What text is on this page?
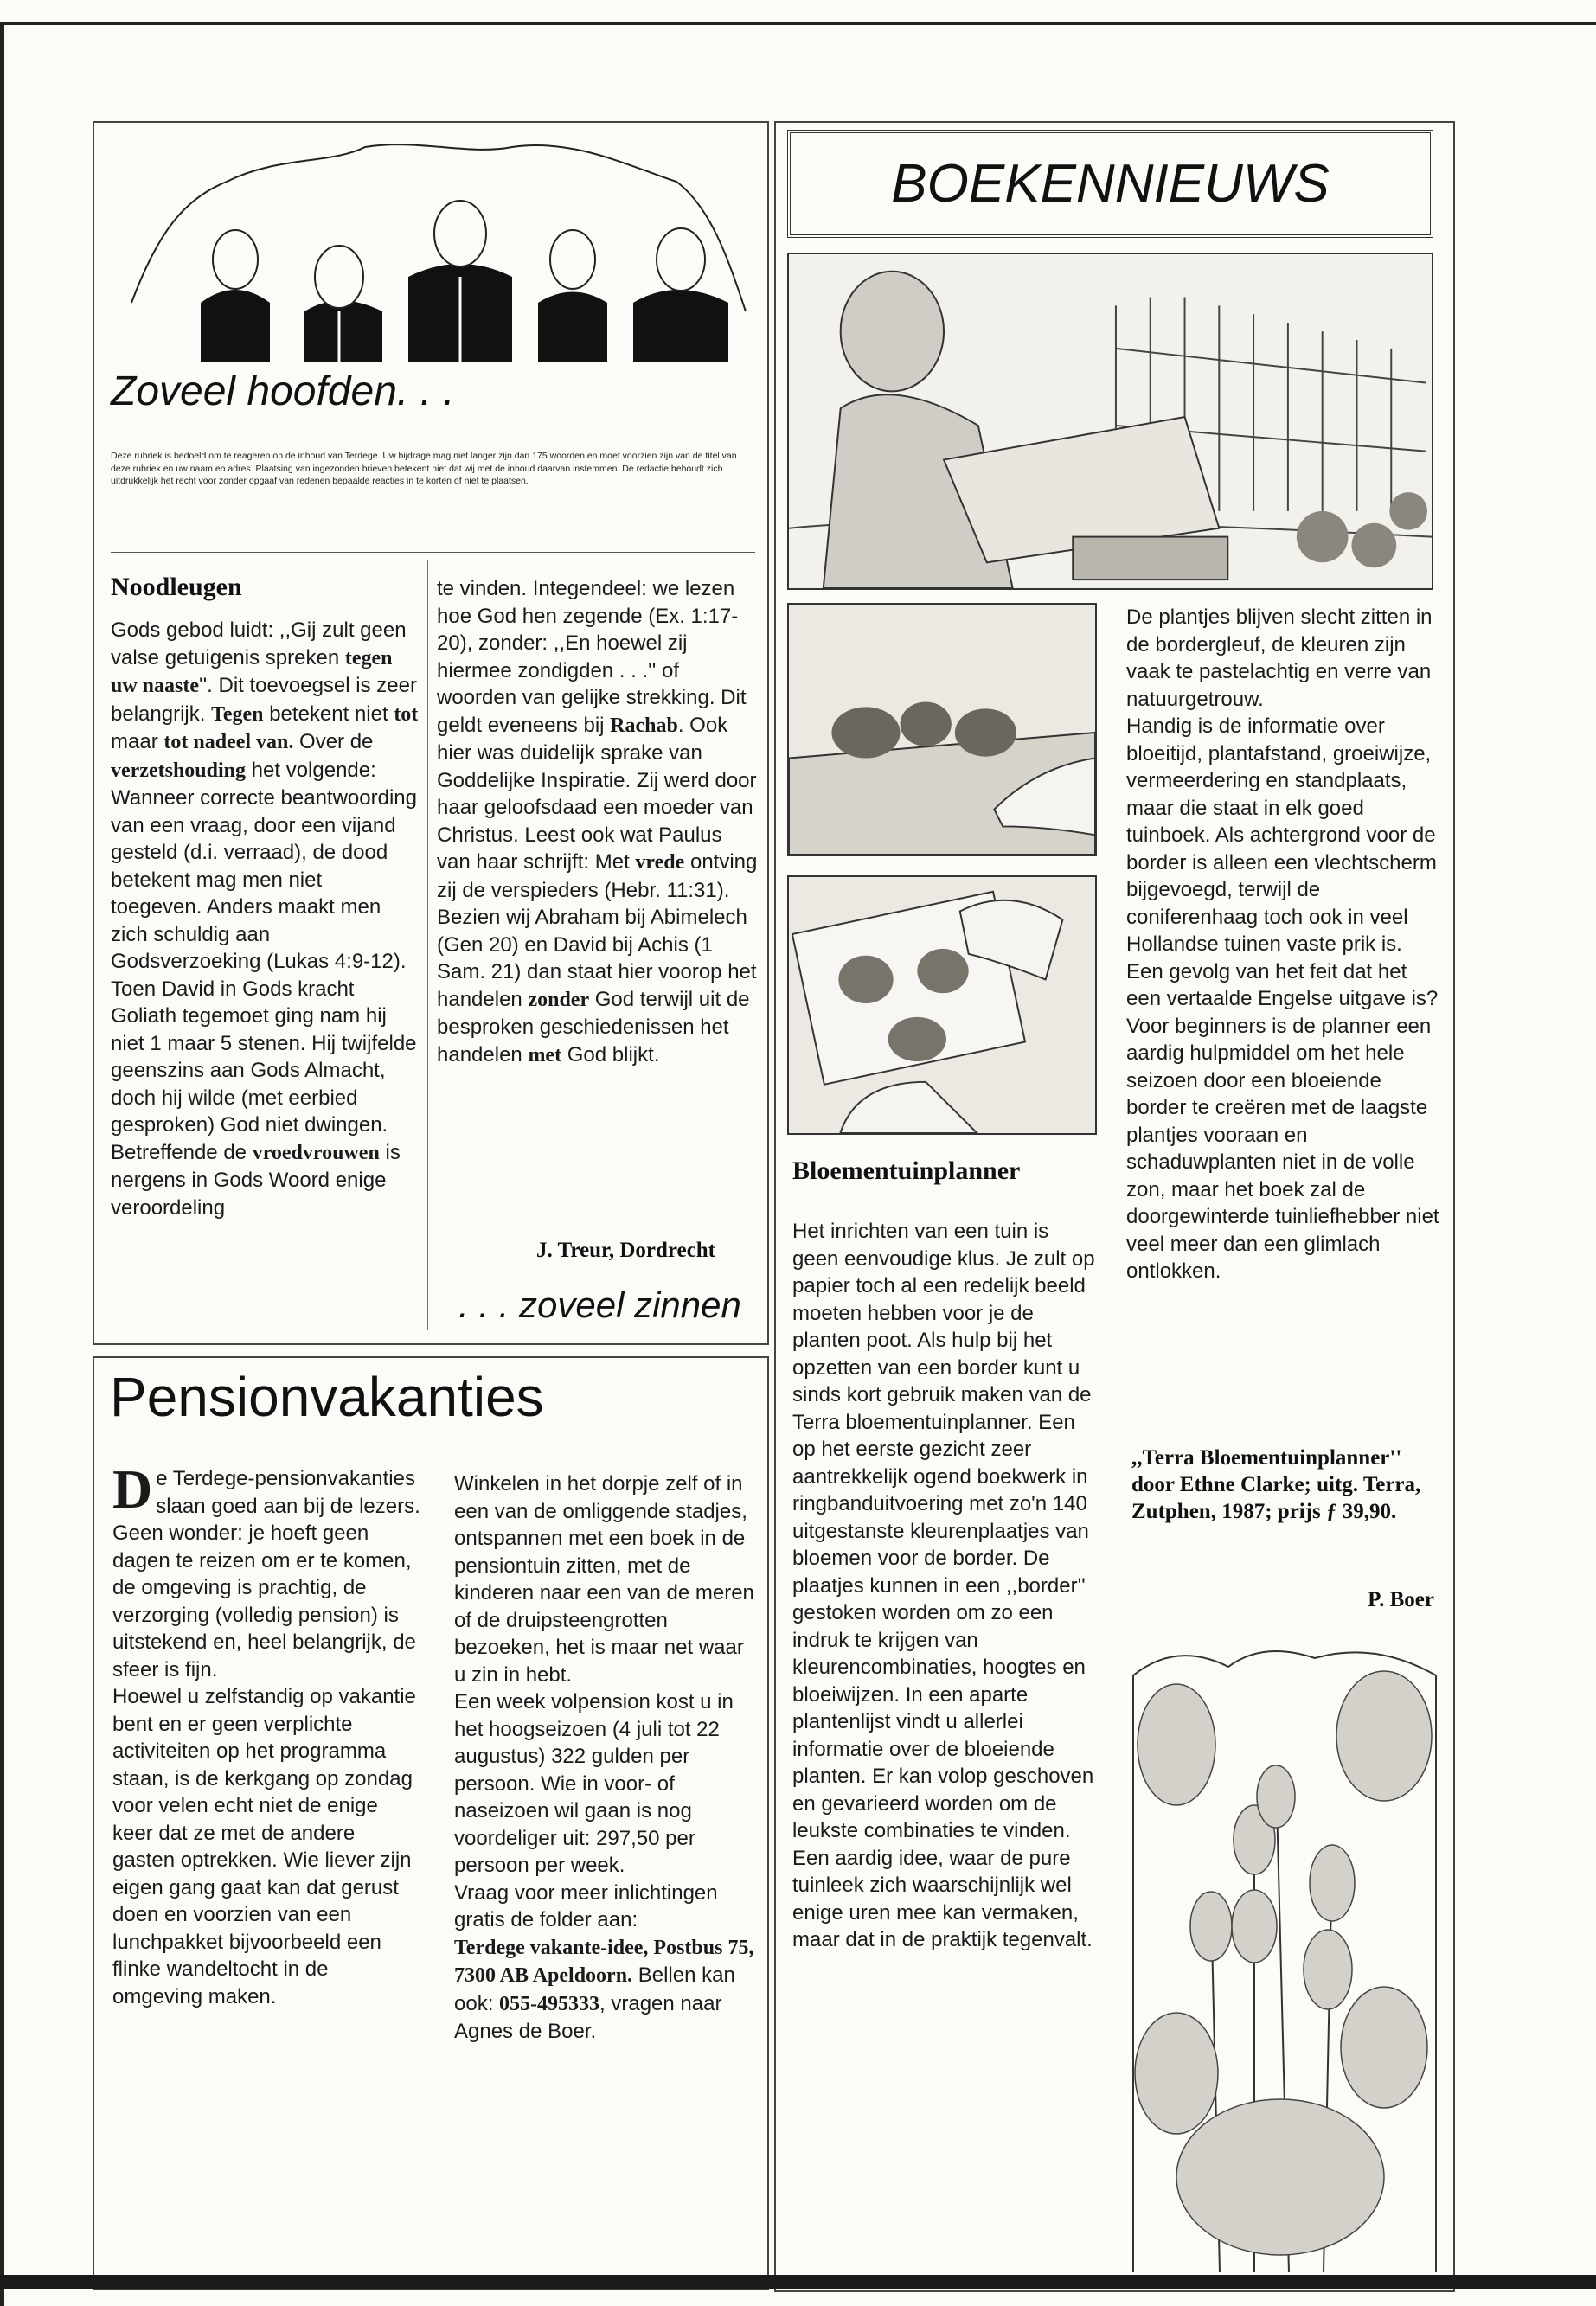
Zoveel hoofden. . .
Deze rubriek is bedoeld om te reageren op de inhoud van Terdege. Uw bijdrage mag niet langer zijn dan 175 woorden en moet voorzien zijn van de titel van deze rubriek en uw naam en adres. Plaatsing van ingezonden brieven betekent niet dat wij met de inhoud daarvan instemmen. De redactie behoudt zich uitdrukkelijk het recht voor zonder opgaaf van redenen bepaalde reacties in te korten of niet te plaatsen.
Noodleugen

Gods gebod luidt: ,,Gij zult geen valse getuigenis spreken tegen uw naaste''. Dit toevoegsel is zeer belangrijk. Tegen betekent niet tot maar tot nadeel van. Over de verzetshouding het volgende: Wanneer correcte beantwoording van een vraag, door een vijand gesteld (d.i. verraad), de dood betekent mag men niet toegeven. Anders maakt men zich schuldig aan Godsverzoeking (Lukas 4:9-12). Toen David in Gods kracht Goliath tegemoet ging nam hij niet 1 maar 5 stenen. Hij twijfelde geenszins aan Gods Almacht, doch hij wilde (met eerbied gesproken) God niet dwingen. Betreffende de vroedvrouwen is nergens in Gods Woord enige veroordeling

te vinden. Integendeel: we lezen hoe God hen zegende (Ex. 1:17-20), zonder: ,,En hoewel zij hiermee zondigden . . .'' of woorden van gelijke strekking. Dit geldt eveneens bij Rachab. Ook hier was duidelijk sprake van Goddelijke Inspiratie. Zij werd door haar geloofsdaad een moeder van Christus. Leest ook wat Paulus van haar schrijft: Met vrede ontving zij de verspieders (Hebr. 11:31). Bezien wij Abraham bij Abimelech (Gen 20) en David bij Achis (1 Sam. 21) dan staat hier voorop het handelen zonder God terwijl uit de besproken geschiedenissen het handelen met God blijkt.

J. Treur, Dordrecht
. . . zoveel zinnen
Pensionvakanties

De Terdege-pensionvakanties slaan goed aan bij de lezers. Geen wonder: je hoeft geen dagen te reizen om er te komen, de omgeving is prachtig, de verzorging (volledig pension) is uitstekend en, heel belangrijk, de sfeer is fijn.
Hoewel u zelfstandig op vakantie bent en er geen verplichte activiteiten op het programma staan, is de kerkgang op zondag voor velen echt niet de enige keer dat ze met de andere gasten optrekken. Wie liever zijn eigen gang gaat kan dat gerust doen en voorzien van een lunchpakket bijvoorbeeld een flinke wandeltocht in de omgeving maken.

Winkelen in het dorpje zelf of in een van de omliggende stadjes, ontspannen met een boek in de pensiontuin zitten, met de kinderen naar een van de meren of de druipsteengrotten bezoeken, het is maar net waar u zin in hebt.
Een week volpension kost u in het hoogseizoen (4 juli tot 22 augustus) 322 gulden per persoon. Wie in voor- of naseizoen wil gaan is nog voordeliger uit: 297,50 per persoon per week.
Vraag voor meer inlichtingen gratis de folder aan:
Terdege vakante-idee, Postbus 75, 7300 AB Apeldoorn. Bellen kan ook: 055-495333, vragen naar Agnes de Boer.

BOEKENNIEUWS
Bloementuinplanner

Het inrichten van een tuin is geen eenvoudige klus. Je zult op papier toch al een redelijk beeld moeten hebben voor je de planten poot. Als hulp bij het opzetten van een border kunt u sinds kort gebruik maken van de Terra bloementuinplanner. Een op het eerste gezicht zeer aantrekkelijk ogend boekwerk in ringbanduitvoering met zo'n 140 uitgestanste kleurenplaatjes van bloemen voor de border. De plaatjes kunnen in een ,,border'' gestoken worden om zo een indruk te krijgen van kleurencombinaties, hoogtes en bloeiwijzen. In een aparte plantenlijst vindt u allerlei informatie over de bloeiende planten. Er kan volop geschoven en gevarieerd worden om de leukste combinaties te vinden. Een aardig idee, waar de pure tuinleek zich waarschijnlijk wel enige uren mee kan vermaken, maar dat in de praktijk tegenvalt.

De plantjes blijven slecht zitten in de bordergleuf, de kleuren zijn vaak te pastelachtig en verre van natuurgetrouw.
Handig is de informatie over bloeitijd, plantafstand, groeiwijze, vermeerdering en standplaats, maar die staat in elk goed tuinboek. Als achtergrond voor de border is alleen een vlechtscherm bijgevoegd, terwijl de coniferenhaag toch ook in veel Hollandse tuinen vaste prik is. Een gevolg van het feit dat het een vertaalde Engelse uitgave is? Voor beginners is de planner een aardig hulpmiddel om het hele seizoen door een bloeiende border te creëren met de laagste plantjes vooraan en schaduwplanten niet in de volle zon, maar het boek zal de doorgewinterde tuinliefhebber niet veel meer dan een glimlach ontlokken.

,,Terra Bloementuinplanner'' door Ethne Clarke; uitg. Terra, Zutphen, 1987; prijs ƒ 39,90.
P. Boer
